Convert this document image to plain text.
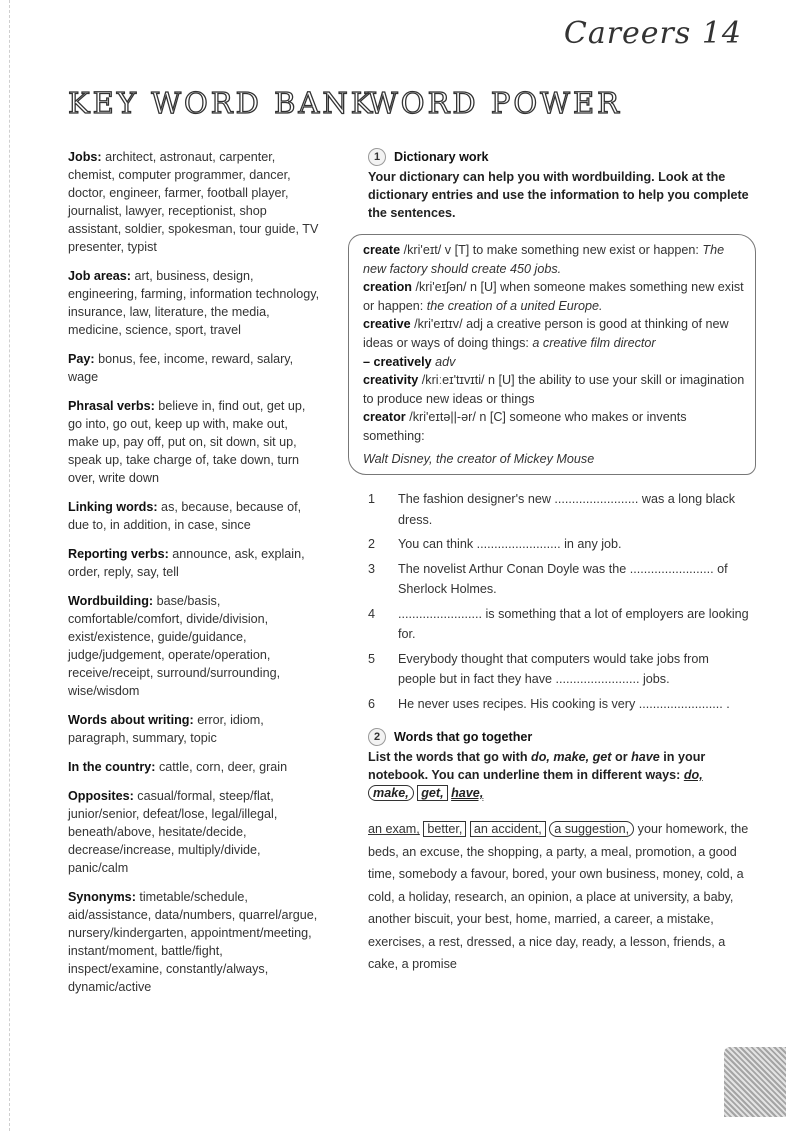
Careers 14
KEY WORD BANK
WORD POWER

Jobs: architect, astronaut, carpenter, chemist, computer programmer, dancer, doctor, engineer, farmer, football player, journalist, lawyer, receptionist, shop assistant, soldier, spokesman, tour guide, TV presenter, typist

Job areas: art, business, design, engineering, farming, information technology, insurance, law, literature, the media, medicine, science, sport, travel

Pay: bonus, fee, income, reward, salary, wage

Phrasal verbs: believe in, find out, get up, go into, go out, keep up with, make out, make up, pay off, put on, sit down, sit up, speak up, take charge of, take down, turn over, write down

Linking words: as, because, because of, due to, in addition, in case, since

Reporting verbs: announce, ask, explain, order, reply, say, tell

Wordbuilding: base/basis, comfortable/comfort, divide/division, exist/existence, guide/guidance, judge/judgement, operate/operation, receive/receipt, surround/surrounding, wise/wisdom

Words about writing: error, idiom, paragraph, summary, topic

In the country: cattle, corn, deer, grain

Opposites: casual/formal, steep/flat, junior/senior, defeat/lose, legal/illegal, beneath/above, hesitate/decide, decrease/increase, multiply/divide, panic/calm

Synonyms: timetable/schedule, aid/assistance, data/numbers, quarrel/argue, nursery/kindergarten, appointment/meeting, instant/moment, battle/fight, inspect/examine, constantly/always, dynamic/active

1	Dictionary work

Your dictionary can help you with wordbuilding. Look at the dictionary entries and use the information to help you complete the sentences.

create /kri'eɪt/ v [T] to make something new exist or happen: The new factory should create 450 jobs.

creation /kri'eɪʃən/ n [U] when someone makes something new exist or happen: the creation of a united Europe.

creative /kri'eɪtɪv/ adj a creative person is good at thinking of new ideas or ways of doing things: a creative film director

– creatively adv

creativity /kriːeɪ'tɪvɪti/ n [U] the ability to use your skill or imagination to produce new ideas or things

creator /kri'eɪtə||-ər/ n [C] someone who makes or invents something:

Walt Disney, the creator of Mickey Mouse

1	The fashion designer's new ........................ was a long black dress.
2	You can think ........................ in any job.
3	The novelist Arthur Conan Doyle was the ........................ of Sherlock Holmes.
4	........................ is something that a lot of employers are looking for.
5	Everybody thought that computers would take jobs from people but in fact they have ........................ jobs.
6	He never uses recipes. His cooking is very ........................ .
2	Words that go together

List the words that go with do, make, get or have in your notebook. You can underline them in different ways: do, make, get, have,

an exam, better, an accident, a suggestion, your homework, the beds, an excuse, the shopping, a party, a meal, promotion, a good time, somebody a favour, bored, your own business, money, cold, a cold, a holiday, research, an opinion, a place at university, a baby, another biscuit, your best, home, married, a career, a mistake, exercises, a rest, dressed, a nice day, ready, a lesson, friends, a cake, a promise
